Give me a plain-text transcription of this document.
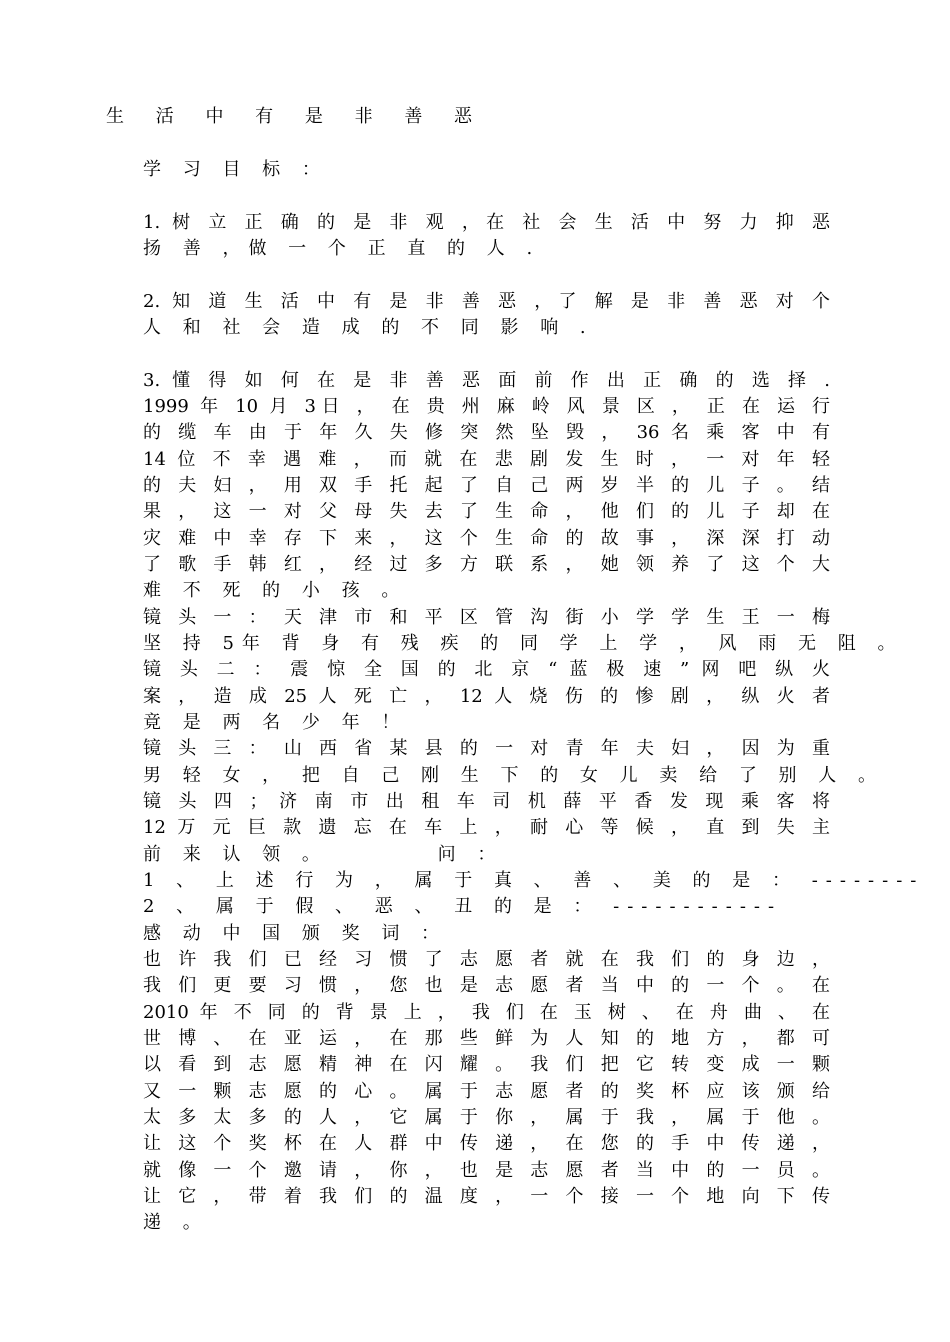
生 活 中 有 是 非 善 恶
学 习 目 标 ：
1. 树 立 正 确 的 是 非 观 ，在 社 会 生 活 中 努 力 抑 恶
扬 善 ，做 一 个 正 直 的 人 .
2. 知 道 生 活 中 有 是 非 善 恶 ，了 解 是 非 善 恶 对 个
人 和 社 会 造 成 的 不 同 影 响 .
3. 懂 得 如 何 在 是 非 善 恶 面 前 作 出 正 确 的 选 择 .
1999 年 10 月 3日 ， 在 贵 州 麻 岭 风 景 区 ， 正 在 运 行
的 缆 车 由 于 年 久 失 修 突 然 坠 毁 ， 36 名 乘 客 中 有
14 位 不 幸 遇 难 ， 而 就 在 悲 剧 发 生 时 ， 一 对 年 轻
的 夫 妇 ， 用 双 手 托 起 了 自 己 两 岁 半 的 儿 子 。 结
果 ， 这 一 对 父 母 失 去 了 生 命 ， 他 们 的 儿 子 却 在
灾 难 中 幸 存 下 来 ， 这 个 生 命 的 故 事 ， 深 深 打 动
了 歌 手 韩 红 ， 经 过 多 方 联 系 ， 她 领 养 了 这 个 大
难 不 死 的 小 孩 。
镜 头 一 ： 天 津 市 和 平 区 管 沟 街 小 学 学 生 王 一 梅
坚 持 5年 背 身 有 残 疾 的 同 学 上 学 ， 风 雨 无 阻 。
镜 头 二 ： 震 惊 全 国 的 北 京 “ 蓝 极 速 ” 网 吧 纵 火
案 ， 造 成 25 人 死 亡 ， 12 人 烧 伤 的 惨 剧 ， 纵 火 者
竟 是 两 名 少 年 ！
镜 头 三 ： 山 西 省 某 县 的 一 对 青 年 夫 妇 ， 因 为 重
男 轻 女 ， 把 自 己 刚 生 下 的 女 儿 卖 给 了 别 人 。
镜 头 四 ； 济 南 市 出 租 车 司 机 薛 平 香 发 现 乘 客 将
12 万 元 巨 款 遗 忘 在 车 上 ， 耐 心 等 候 ， 直 到 失 主
前 来 认 领 。        问 ：
1 、 上 述 行 为 ， 属 于 真 、 善 、 美 的 是 ： --------
2 、 属 于 假 、 恶 、 丑 的 是 ： ------------
感 动 中 国 颁 奖 词 ：
也 许 我 们 已 经 习 惯 了 志 愿 者 就 在 我 们 的 身 边 ，
我 们 更 要 习 惯 ， 您 也 是 志 愿 者 当 中 的 一 个 。 在
2010 年 不 同 的 背 景 上 ， 我 们 在 玉 树 、 在 舟 曲 、 在
世 博 、 在 亚 运 ， 在 那 些 鲜 为 人 知 的 地 方 ， 都 可
以 看 到 志 愿 精 神 在 闪 耀 。 我 们 把 它 转 变 成 一 颗
又 一 颗 志 愿 的 心 。 属 于 志 愿 者 的 奖 杯 应 该 颁 给
太 多 太 多 的 人 ， 它 属 于 你 ， 属 于 我 ， 属 于 他 。
让 这 个 奖 杯 在 人 群 中 传 递 ， 在 您 的 手 中 传 递 ，
就 像 一 个 邀 请 ， 你 ， 也 是 志 愿 者 当 中 的 一 员 。
让 它 ， 带 着 我 们 的 温 度 ， 一 个 接 一 个 地 向 下 传
递 。
